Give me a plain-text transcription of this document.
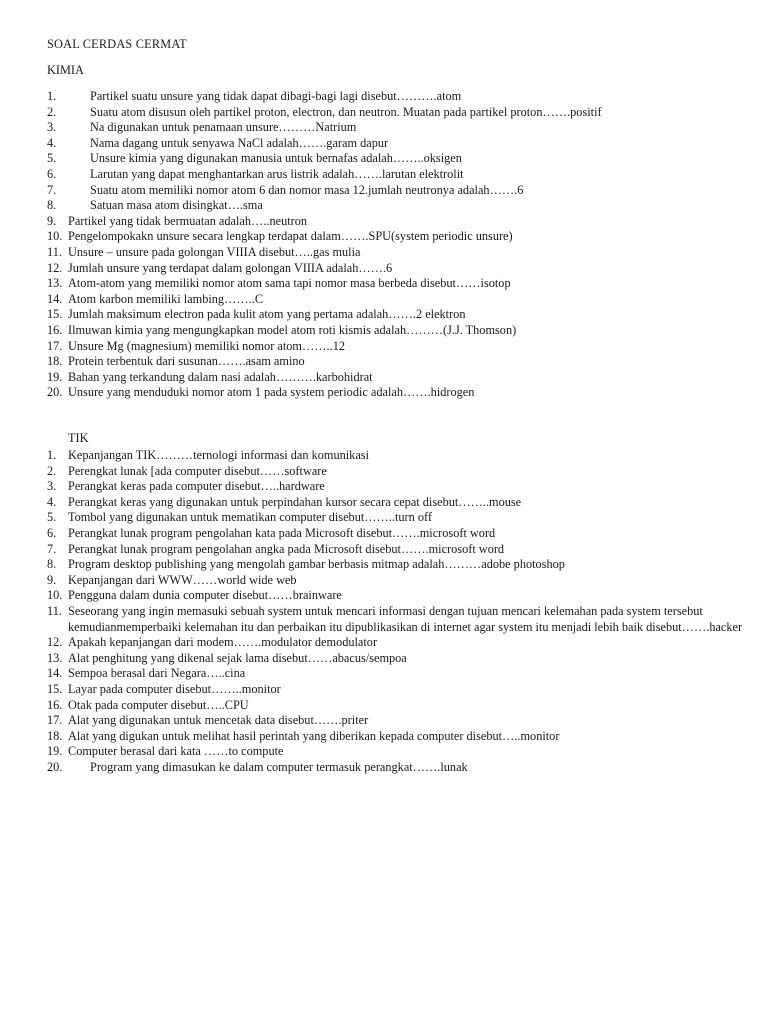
SOAL CERDAS CERMAT
KIMIA
1.	Partikel suatu unsure yang tidak dapat dibagi-bagi lagi disebut……….atom
2.	Suatu atom disusun oleh partikel proton, electron, dan neutron. Muatan pada partikel proton…….positif
3.	Na digunakan untuk penamaan unsure………Natrium
4.	Nama dagang untuk senyawa NaCl adalah…….garam dapur
5.	Unsure kimia yang digunakan manusia untuk bernafas adalah……..oksigen
6.	Larutan yang dapat menghantarkan arus listrik adalah…….larutan elektrolit
7.	Suatu atom memiliki nomor atom 6 dan nomor masa 12.jumlah neutronya adalah…….6
8.	Satuan masa atom disingkat….sma
9. Partikel yang tidak bermuatan adalah…..neutron
10. Pengelompokakn unsure secara lengkap terdapat dalam…….SPU(system periodic unsure)
11. Unsure – unsure pada golongan VIIIA disebut…..gas mulia
12. Jumlah unsure yang terdapat dalam golongan VIIIA adalah…….6
13. Atom-atom yang memiliki nomor atom sama tapi nomor masa berbeda disebut……isotop
14. Atom karbon memiliki lambing……..C
15. Jumlah maksimum electron pada kulit atom yang pertama adalah…….2 elektron
16. Ilmuwan kimia yang mengungkapkan model atom roti kismis adalah………(J.J. Thomson)
17. Unsure Mg (magnesium) memiliki nomor atom……..12
18. Protein terbentuk dari susunan…….asam amino
19. Bahan yang terkandung dalam nasi adalah……….karbohidrat
20. Unsure yang menduduki nomor atom 1 pada system periodic adalah…….hidrogen
TIK
1. Kepanjangan TIK………ternologi informasi dan komunikasi
2. Perengkat lunak [ada computer disebut……software
3. Perangkat keras pada computer disebut…..hardware
4. Perangkat keras yang digunakan untuk perpindahan kursor secara cepat disebut……..mouse
5. Tombol yang digunakan untuk mematikan computer disebut……..turn off
6. Perangkat lunak program pengolahan kata pada Microsoft disebut…….microsoft word
7. Perangkat lunak program pengolahan angka pada Microsoft disebut…….microsoft word
8. Program desktop publishing yang mengolah gambar berbasis mitmap adalah………adobe photoshop
9. Kepanjangan dari WWW……world wide web
10. Pengguna dalam dunia computer disebut……brainware
11. Seseorang yang ingin memasuki sebuah system untuk mencari informasi dengan tujuan mencari kelemahan pada system tersebut kemudianmemperbaiki kelemahan itu dan perbaikan itu dipublikasikan di internet agar system itu menjadi lebih baik disebut…….hacker
12. Apakah kepanjangan dari modem…….modulator demodulator
13. Alat penghitung yang dikenal sejak lama disebut……abacus/sempoa
14. Sempoa berasal dari Negara…..cina
15. Layar pada computer disebut……..monitor
16. Otak pada computer disebut…..CPU
17. Alat yang digunakan untuk mencetak data disebut…….priter
18. Alat yang digukan untuk melihat hasil perintah yang diberikan kepada computer disebut…..monitor
19. Computer berasal dari kata ……to compute
20.	Program yang dimasukan ke dalam computer termasuk perangkat…….lunak
